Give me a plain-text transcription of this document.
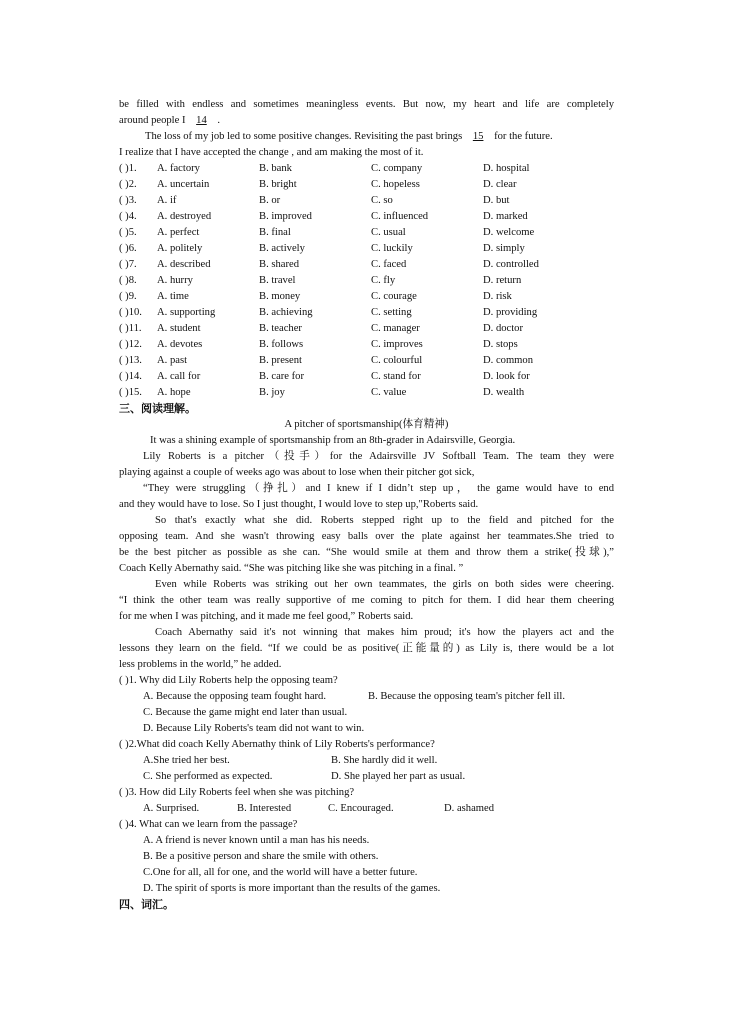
be filled with endless and sometimes meaningless events. But now, my heart and life are completely
around people I 14 .
The loss of my job led to some positive changes. Revisiting the past brings 15 for the future.
I realize that I have accepted the change , and am making the most of it.
( )1. A. factory	B. bank	C. company	D. hospital
( )2. A. uncertain	B. bright	C. hopeless	D. clear
( )3. A. if	B. or	C. so	D. but
( )4. A. destroyed	B. improved	C. influenced	D. marked
( )5. A. perfect	B. final	C. usual	D. welcome
( )6. A. politely	B. actively	C. luckily	D. simply
( )7. A. described	B. shared	C. faced	D. controlled
( )8. A. hurry	B. travel	C. fly	D. return
( )9. A. time	B. money	C. courage	D. risk
( )10. A. supporting	B. achieving	C. setting	D. providing
( )11. A. student	B. teacher	C. manager	D. doctor
( )12. A. devotes	B. follows	C. improves	D. stops
( )13. A. past	B. present	C. colourful	D. common
( )14. A. call for	B. care for	C. stand for	D. look for
( )15. A. hope	B. joy	C. value	D. wealth
三、阅读理解。
A pitcher of sportsmanship(体育精神)
It was a shining example of sportsmanship from an 8th-grader in Adairsville, Georgia.
Lily Roberts is a pitcher（投手）for the Adairsville JV Softball Team. The team they were
playing against a couple of weeks ago was about to lose when their pitcher got sick,
“They were struggling（挣扎）and I knew if I didn’t step up， the game would have to end
and they would have to lose. So I just thought, I would love to step up,"Roberts said.
So that's exactly what she did. Roberts stepped right up to the field and pitched for the
opposing team. And she wasn't throwing easy balls over the plate against her teammates.She tried to
be the best pitcher as possible as she can. “She would smile at them and throw them a strike(投球),”
Coach Kelly Abernathy said. “She was pitching like she was pitching in a final. ”
Even while Roberts was striking out her own teammates, the girls on both sides were cheering.
“I think the other team was really supportive of me coming to pitch for them. I did hear them cheering
for me when I was pitching, and it made me feel good,” Roberts said.
Coach Abernathy said it's not winning that makes him proud; it's how the players act and the
lessons they learn on the field. “If we could be as positive(正能量的) as Lily is, there would be a lot
less problems in the world,” he added.
( )1. Why did Lily Roberts help the opposing team?
A. Because the opposing team fought hard.	B. Because the opposing team's pitcher fell ill.
C. Because the game might end later than usual.
D. Because Lily Roberts's team did not want to win.
( )2.What did coach Kelly Abernathy think of Lily Roberts's performance?
A.She tried her best.	B. She hardly did it well.
C. She performed as expected.	D. She played her part as usual.
( )3. How did Lily Roberts feel when she was pitching?
A. Surprised.	B. Interested	C. Encouraged.	D. ashamed
( )4. What can we learn from the passage?
A. A friend is never known until a man has his needs.
B. Be a positive person and share the smile with others.
C.One for all, all for one, and the world will have a better future.
D. The spirit of sports is more important than the results of the games.
四、词汇。
